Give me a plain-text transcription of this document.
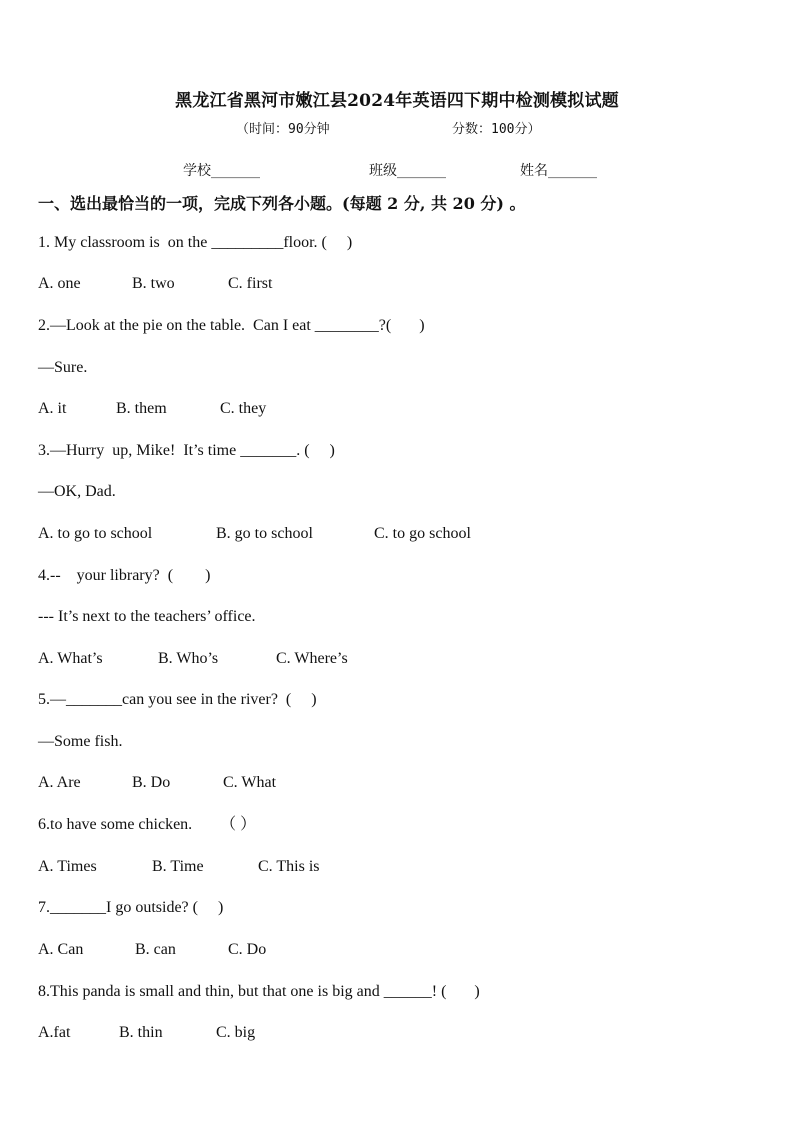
黑龙江省黑河市嫩江县2024年英语四下期中检测模拟试题
（时间：90分钟	分数：100分）
学校_______	班级_______	姓名_______
一、选出最恰当的一项，完成下列各小题。(每题 2 分, 共 20 分) 。
1. My classroom is  on the _________floor. (     )
A. one	B. two	C. first
2.—Look at the pie on the table.  Can I eat ________?(       )
—Sure.
A. it	B. them	C. they
3.—Hurry  up, Mike!  It’s time _______. (     )
—OK, Dad.
A. to go to school	B. go to school	C. to go school
4.--    your library?  (        )
--- It’s next to the teachers’ office.
A. What’s	B. Who’s	C. Where’s
5.—_______can you see in the river?  (     )
—Some fish.
A. Are	B. Do	C. What
6.to have some chicken.       （ ）
A. Times	B. Time	C. This is
7._______I go outside? (     )
A. Can	B. can	C. Do
8.This panda is small and thin, but that one is big and ______! (       )
A.fat	B. thin	C. big
